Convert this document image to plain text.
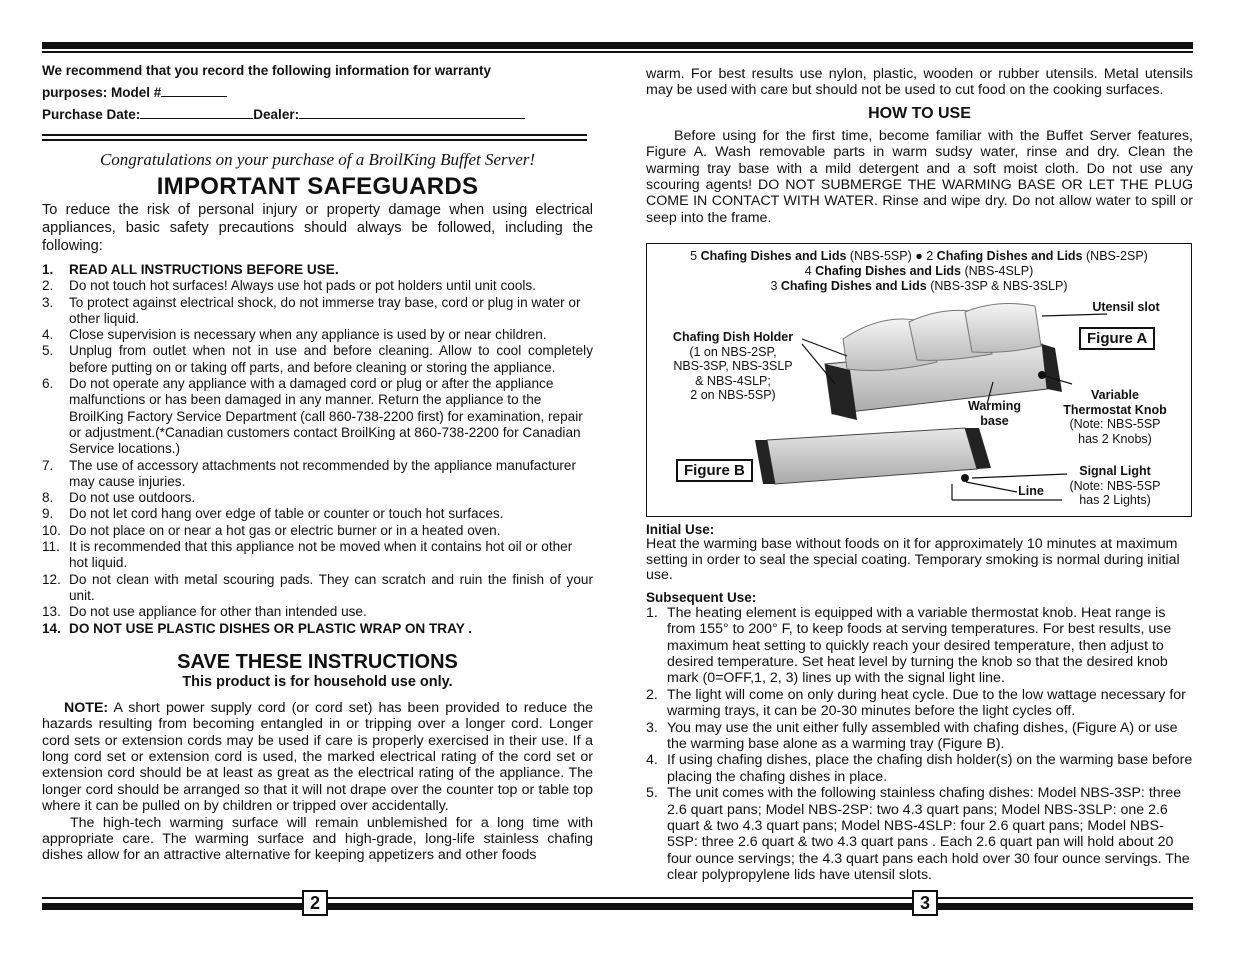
We recommend that you record the following information for warranty
purposes: Model #
Purchase Date:	Dealer:
Congratulations on your purchase of a BroilKing Buffet Server!
IMPORTANT SAFEGUARDS
To reduce the risk of personal injury or property damage when using electrical appliances, basic safety precautions should always be followed, including the following:
1. READ ALL INSTRUCTIONS BEFORE USE.
2. Do not touch hot surfaces! Always use hot pads or pot holders until unit cools.
3. To protect against electrical shock, do not immerse tray base, cord or plug in water or other liquid.
4. Close supervision is necessary when any appliance is used by or near children.
5. Unplug from outlet when not in use and before cleaning. Allow to cool completely before putting on or taking off parts, and before cleaning or storing the appliance.
6. Do not operate any appliance with a damaged cord or plug or after the appliance malfunctions or has been damaged in any manner. Return the appliance to the BroilKing Factory Service Department (call 860-738-2200 first) for examination, repair or adjustment.(*Canadian customers contact BroilKing at 860-738-2200 for Canadian Service locations.)
7. The use of accessory attachments not recommended by the appliance manufacturer may cause injuries.
8. Do not use outdoors.
9. Do not let cord hang over edge of table or counter or touch hot surfaces.
10. Do not place on or near a hot gas or electric burner or in a heated oven.
11. It is recommended that this appliance not be moved when it contains hot oil or other hot liquid.
12. Do not clean with metal scouring pads. They can scratch and ruin the finish of your unit.
13. Do not use appliance for other than intended use.
14. DO NOT USE PLASTIC DISHES OR PLASTIC WRAP ON TRAY .
SAVE THESE INSTRUCTIONS
This product is for household use only.
NOTE: A short power supply cord (or cord set) has been provided to reduce the hazards resulting from becoming entangled in or tripping over a longer cord. Longer cord sets or extension cords may be used if care is properly exercised in their use. If a long cord set or extension cord is used, the marked electrical rating of the cord set or extension cord should be at least as great as the electrical rating of the appliance. The longer cord should be arranged so that it will not drape over the counter top or table top where it can be pulled on by children or tripped over accidentally.
The high-tech warming surface will remain unblemished for a long time with appropriate care. The warming surface and high-grade, long-life stainless chafing dishes allow for an attractive alternative for keeping appetizers and other foods
warm. For best results use nylon, plastic, wooden or rubber utensils. Metal utensils may be used with care but should not be used to cut food on the cooking surfaces.
HOW TO USE
Before using for the first time, become familiar with the Buffet Server features, Figure A. Wash removable parts in warm sudsy water, rinse and dry. Clean the warming tray base with a mild detergent and a soft moist cloth. Do not use any scouring agents! DO NOT SUBMERGE THE WARMING BASE OR LET THE PLUG COME IN CONTACT WITH WATER. Rinse and wipe dry. Do not allow water to spill or seep into the frame.
5 Chafing Dishes and Lids (NBS-5SP) ● 2 Chafing Dishes and Lids (NBS-2SP)
4 Chafing Dishes and Lids (NBS-4SLP)
3 Chafing Dishes and Lids (NBS-3SP & NBS-3SLP)
Utensil slot
Figure A
Figure B
Chafing Dish Holder
(1 on NBS-2SP,
NBS-3SP, NBS-3SLP
& NBS-4SLP;
2 on NBS-5SP)
Warming
base
Variable
Thermostat Knob
(Note: NBS-5SP
has 2 Knobs)
Signal Light
(Note: NBS-5SP
has 2 Lights)
Line
Initial Use:
Heat the warming base without foods on it for approximately 10 minutes at maximum setting in order to seal the special coating. Temporary smoking is normal during initial use.
Subsequent Use:
1. The heating element is equipped with a variable thermostat knob. Heat range is from 155° to 200° F, to keep foods at serving temperatures. For best results, use maximum heat setting to quickly reach your desired temperature, then adjust to desired temperature. Set heat level by turning the knob so that the desired knob mark (0=OFF,1, 2, 3) lines up with the signal light line.
2. The light will come on only during heat cycle. Due to the low wattage necessary for warming trays, it can be 20-30 minutes before the light cycles off.
3. You may use the unit either fully assembled with chafing dishes, (Figure A) or use the warming base alone as a warming tray (Figure B).
4. If using chafing dishes, place the chafing dish holder(s) on the warming base before placing the chafing dishes in place.
5. The unit comes with the following stainless chafing dishes: Model NBS-3SP: three 2.6 quart pans; Model NBS-2SP: two 4.3 quart pans; Model NBS-3SLP: one 2.6 quart & two 4.3 quart pans; Model NBS-4SLP: four 2.6 quart pans; Model NBS-5SP: three 2.6 quart & two 4.3 quart pans . Each 2.6 quart pan will hold about 20 four ounce servings; the 4.3 quart pans each hold over 30 four ounce servings. The clear polypropylene lids have utensil slots.
2	3
